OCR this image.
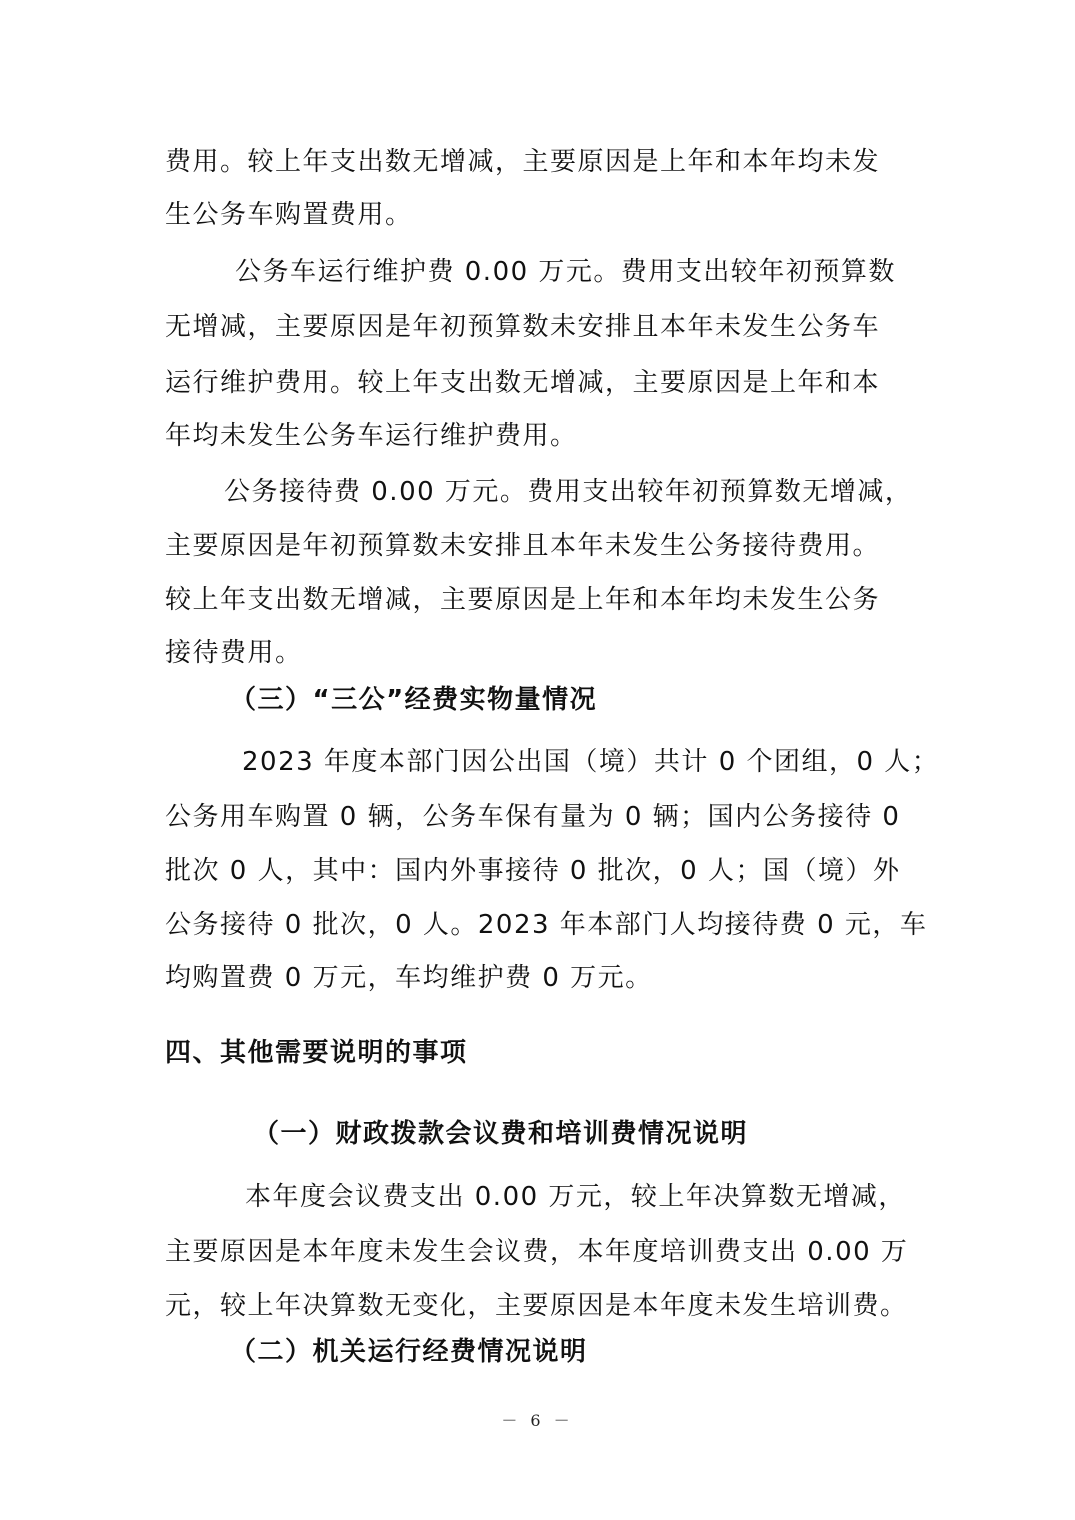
费用。较上年支出数无增减，主要原因是上年和本年均未发
生公务车购置费用。
公务车运行维护费 0.00 万元。费用支出较年初预算数
无增减，主要原因是年初预算数未安排且本年未发生公务车
运行维护费用。较上年支出数无增减，主要原因是上年和本
年均未发生公务车运行维护费用。
公务接待费 0.00 万元。费用支出较年初预算数无增减，
主要原因是年初预算数未安排且本年未发生公务接待费用。
较上年支出数无增减，主要原因是上年和本年均未发生公务
接待费用。
（三）“三公”经费实物量情况
2023 年度本部门因公出国（境）共计 0 个团组，0 人；
公务用车购置 0 辆，公务车保有量为 0 辆；国内公务接待 0
批次 0 人，其中：国内外事接待 0 批次，0 人；国（境）外
公务接待 0 批次，0 人。2023 年本部门人均接待费 0 元，车
均购置费 0 万元，车均维护费 0 万元。
四、其他需要说明的事项
（一）财政拨款会议费和培训费情况说明
本年度会议费支出 0.00 万元，较上年决算数无增减，
主要原因是本年度未发生会议费，本年度培训费支出 0.00 万
元，较上年决算数无变化，主要原因是本年度未发生培训费。
（二）机关运行经费情况说明
－ 6 －
